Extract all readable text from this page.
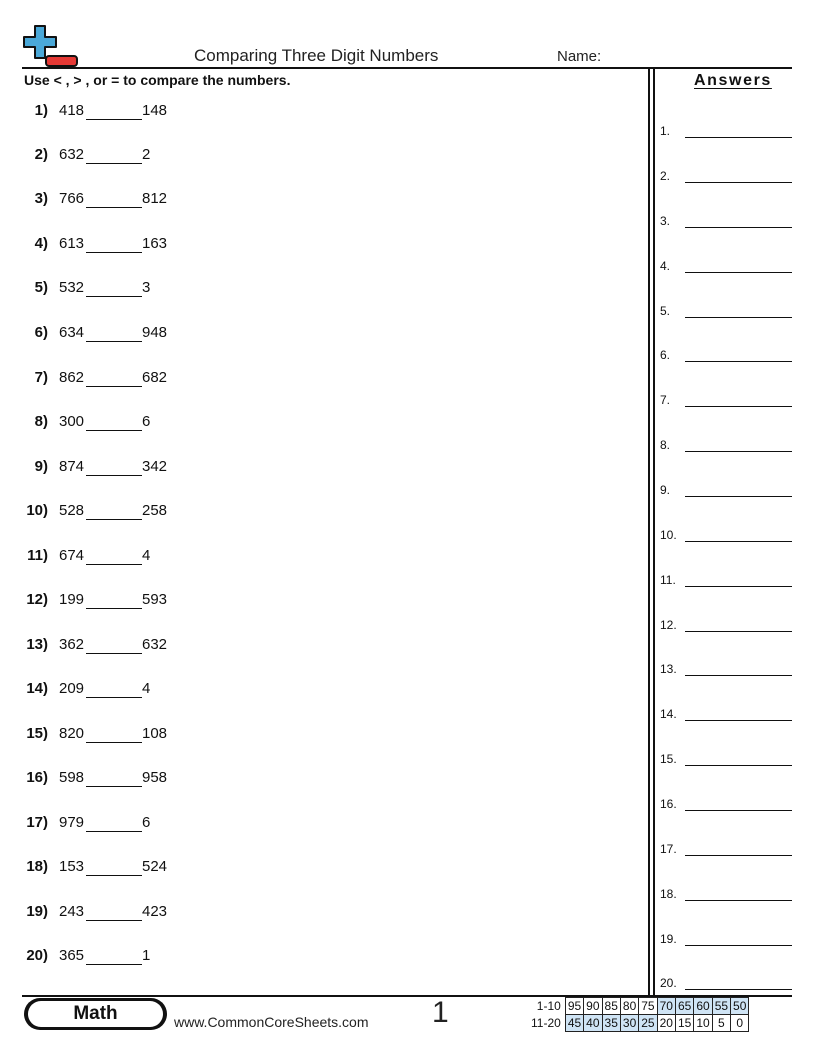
Comparing Three Digit Numbers	Name:
Use < , > , or = to compare the numbers.	Answers
1) 418	148
2) 632	2
3) 766	812
4) 613	163
5) 532	3
6) 634	948
7) 862	682
8) 300	6
9) 874	342
10) 528	258
11) 674	4
12) 199	593
13) 362	632
14) 209	4
15) 820	108
16) 598	958
17) 979	6
18) 153	524
19) 243	423
20) 365	1
1.
2.
3.
4.
5.
6.
7.
8.
9.
10.
11.
12.
13.
14.
15.
16.
17.
18.
19.
20.
Math	www.CommonCoreSheets.com 1	1-10	95	90	85	80	75	70	65	60	55	50
11-20	45	40	35	30	25	20	15	10	5	0
